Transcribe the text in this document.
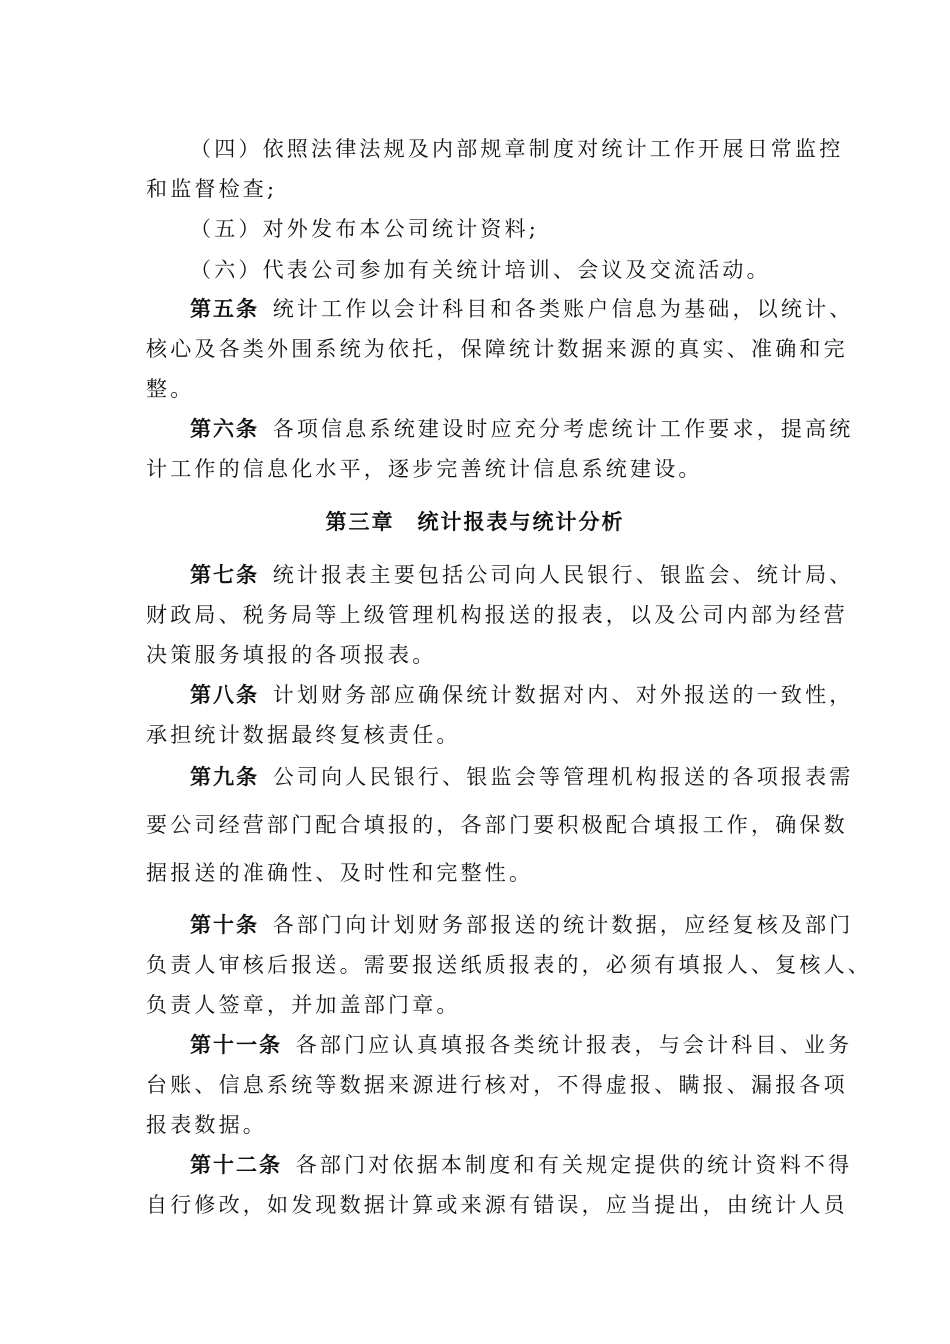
（四）依照法律法规及内部规章制度对统计工作开展日常监控
和监督检查;
（五）对外发布本公司统计资料;
（六）代表公司参加有关统计培训、会议及交流活动。
第五条  统计工作以会计科目和各类账户信息为基础，以统计、
核心及各类外围系统为依托，保障统计数据来源的真实、准确和完
整。
第六条  各项信息系统建设时应充分考虑统计工作要求，提高统
计工作的信息化水平，逐步完善统计信息系统建设。
第三章　统计报表与统计分析
第七条  统计报表主要包括公司向人民银行、银监会、统计局、
财政局、税务局等上级管理机构报送的报表，以及公司内部为经营
决策服务填报的各项报表。
第八条  计划财务部应确保统计数据对内、对外报送的一致性，
承担统计数据最终复核责任。
第九条  公司向人民银行、银监会等管理机构报送的各项报表需
要公司经营部门配合填报的，各部门要积极配合填报工作，确保数
据报送的准确性、及时性和完整性。
第十条  各部门向计划财务部报送的统计数据，应经复核及部门
负责人审核后报送。需要报送纸质报表的，必须有填报人、复核人、
负责人签章，并加盖部门章。
第十一条  各部门应认真填报各类统计报表，与会计科目、业务
台账、信息系统等数据来源进行核对，不得虚报、瞒报、漏报各项
报表数据。
第十二条  各部门对依据本制度和有关规定提供的统计资料不得
自行修改，如发现数据计算或来源有错误，应当提出，由统计人员
